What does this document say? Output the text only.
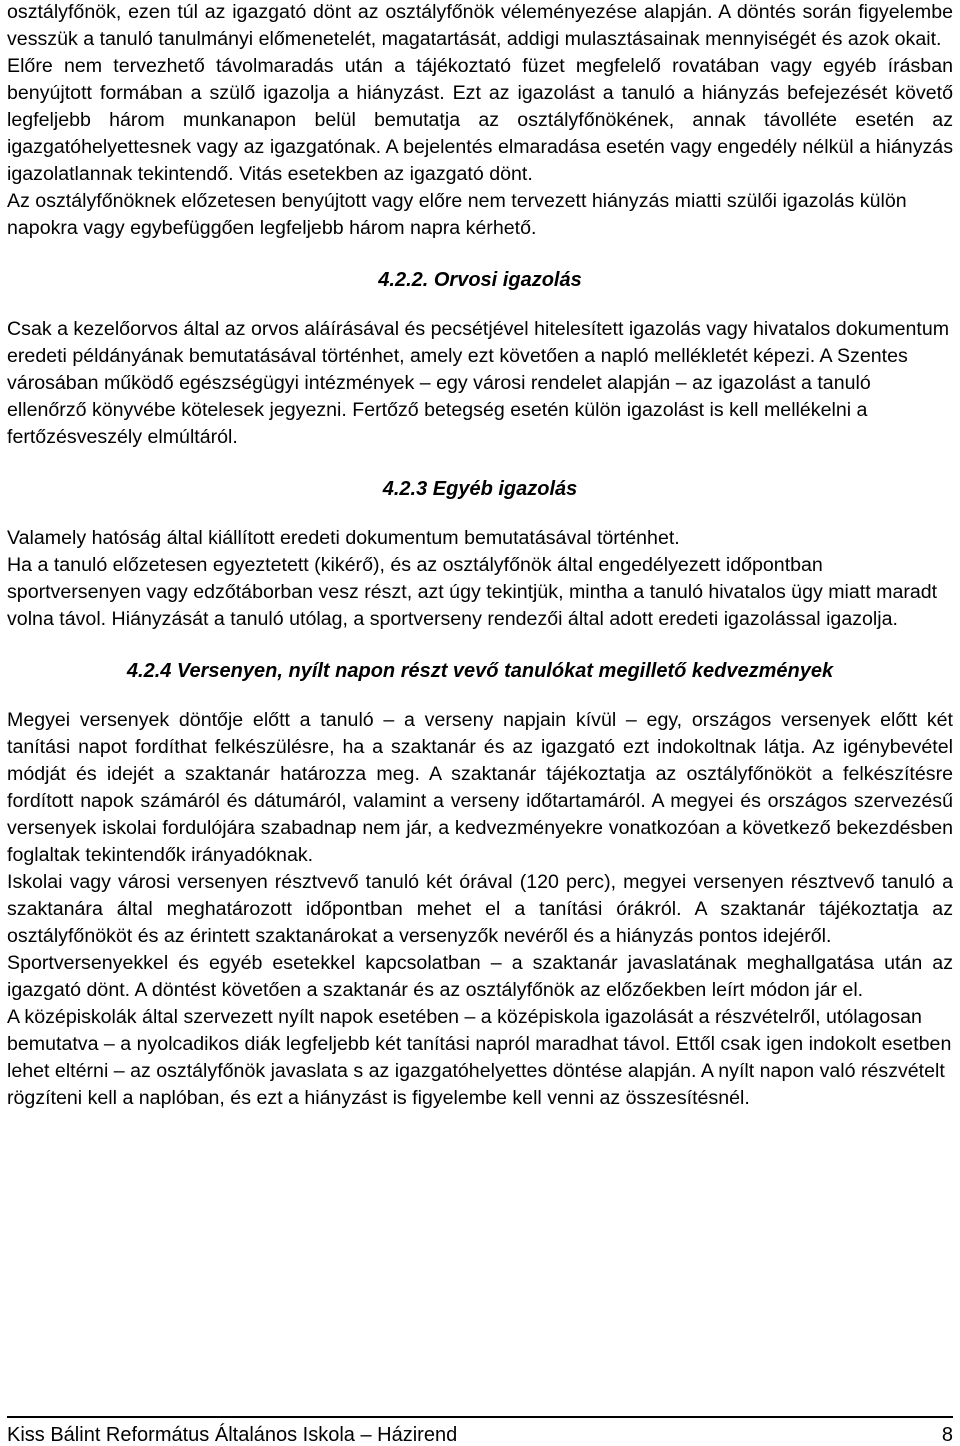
osztályfőnök, ezen túl az igazgató dönt az osztályfőnök véleményezése alapján. A döntés során figyelembe vesszük a tanuló tanulmányi előmenetelét, magatartását, addigi mulasztásainak mennyiségét és azok okait.

Előre nem tervezhető távolmaradás után a tájékoztató füzet megfelelő rovatában vagy egyéb írásban benyújtott formában a szülő igazolja a hiányzást. Ezt az igazolást a tanuló a hiányzás befejezését követő legfeljebb három munkanapon belül bemutatja az osztályfőnökének, annak távolléte esetén az igazgatóhelyettesnek vagy az igazgatónak. A bejelentés elmaradása esetén vagy engedély nélkül a hiányzás igazolatlannak tekintendő. Vitás esetekben az igazgató dönt.

Az osztályfőnöknek előzetesen benyújtott vagy előre nem tervezett hiányzás miatti szülői igazolás külön napokra vagy egybefüggően legfeljebb három napra kérhető.

4.2.2. Orvosi igazolás

Csak a kezelőorvos által az orvos aláírásával és pecsétjével hitelesített igazolás vagy hivatalos dokumentum eredeti példányának bemutatásával történhet, amely ezt követően a napló mellékletét képezi. A Szentes városában működő egészségügyi intézmények – egy városi rendelet alapján – az igazolást a tanuló ellenőrző könyvébe kötelesek jegyezni. Fertőző betegség esetén külön igazolást is kell mellékelni a fertőzésveszély elmúltáról.

4.2.3 Egyéb igazolás

Valamely hatóság által kiállított eredeti dokumentum bemutatásával történhet.

Ha a tanuló előzetesen egyeztetett (kikérő), és az osztályfőnök által engedélyezett időpontban sportversenyen vagy edzőtáborban vesz részt, azt úgy tekintjük, mintha a tanuló hivatalos ügy miatt maradt volna távol. Hiányzását a tanuló utólag, a sportverseny rendezői által adott eredeti igazolással igazolja.

4.2.4 Versenyen, nyílt napon részt vevő tanulókat megillető kedvezmények

Megyei versenyek döntője előtt a tanuló – a verseny napjain kívül – egy, országos versenyek előtt két tanítási napot fordíthat felkészülésre, ha a szaktanár és az igazgató ezt indokoltnak látja. Az igénybevétel módját és idejét a szaktanár határozza meg. A szaktanár tájékoztatja az osztályfőnököt a felkészítésre fordított napok számáról és dátumáról, valamint a verseny időtartamáról. A megyei és országos szervezésű versenyek iskolai fordulójára szabadnap nem jár, a kedvezményekre vonatkozóan a következő bekezdésben foglaltak tekintendők irányadóknak.

Iskolai vagy városi versenyen résztvevő tanuló két órával (120 perc), megyei versenyen résztvevő tanuló a szaktanára által meghatározott időpontban mehet el a tanítási órákról. A szaktanár tájékoztatja az osztályfőnököt és az érintett szaktanárokat a versenyzők nevéről és a hiányzás pontos idejéről.

Sportversenyekkel és egyéb esetekkel kapcsolatban – a szaktanár javaslatának meghallgatása után az igazgató dönt. A döntést követően a szaktanár és az osztályfőnök az előzőekben leírt módon jár el.

A középiskolák által szervezett nyílt napok esetében – a középiskola igazolását a részvételről, utólagosan bemutatva – a nyolcadikos diák legfeljebb két tanítási napról maradhat távol. Ettől csak igen indokolt esetben lehet eltérni – az osztályfőnök javaslata s az igazgatóhelyettes döntése alapján. A nyílt napon való részvételt rögzíteni kell a naplóban, és ezt a hiányzást is figyelembe kell venni az összesítésnél.

Kiss Bálint Református Általános Iskola – Házirend	8
